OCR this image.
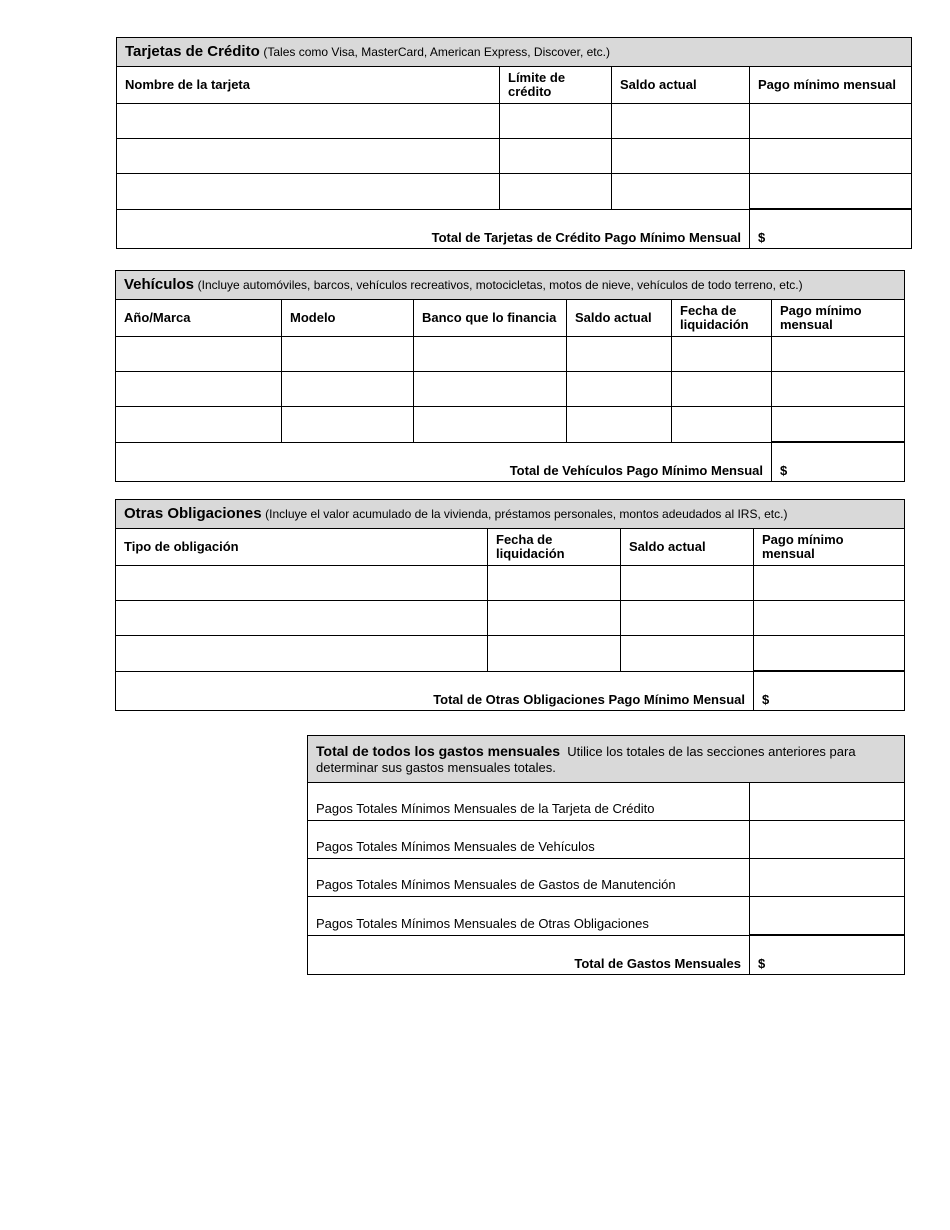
Tarjetas de Crédito (Tales como Visa, MasterCard, American Express, Discover, etc.)			
Nombre de la tarjeta	Límite de crédito	Saldo actual	Pago mínimo mensual

Total de Tarjetas de Crédito Pago Mínimo Mensual			$
Vehículos (Incluye automóviles, barcos, vehículos recreativos, motocicletas, motos de nieve, vehículos de todo terreno, etc.)					
Año/Marca	Modelo	Banco que lo financia	Saldo actual	Fecha de liquidación	Pago mínimo mensual

Total de Vehículos Pago Mínimo Mensual					$
Otras Obligaciones (Incluye el valor acumulado de la vivienda, préstamos personales, montos adeudados al IRS, etc.)			
Tipo de obligación	Fecha de liquidación	Saldo actual	Pago mínimo mensual

Total de Otras Obligaciones Pago Mínimo Mensual			$
Total de todos los gastos mensuales Utilice los totales de las secciones anteriores para determinar sus gastos mensuales totales.	
Pagos Totales Mínimos Mensuales de la Tarjeta de Crédito	
Pagos Totales Mínimos Mensuales de Vehículos	
Pagos Totales Mínimos Mensuales de Gastos de Manutención	
Pagos Totales Mínimos Mensuales de Otras Obligaciones	
Total de Gastos Mensuales	$
